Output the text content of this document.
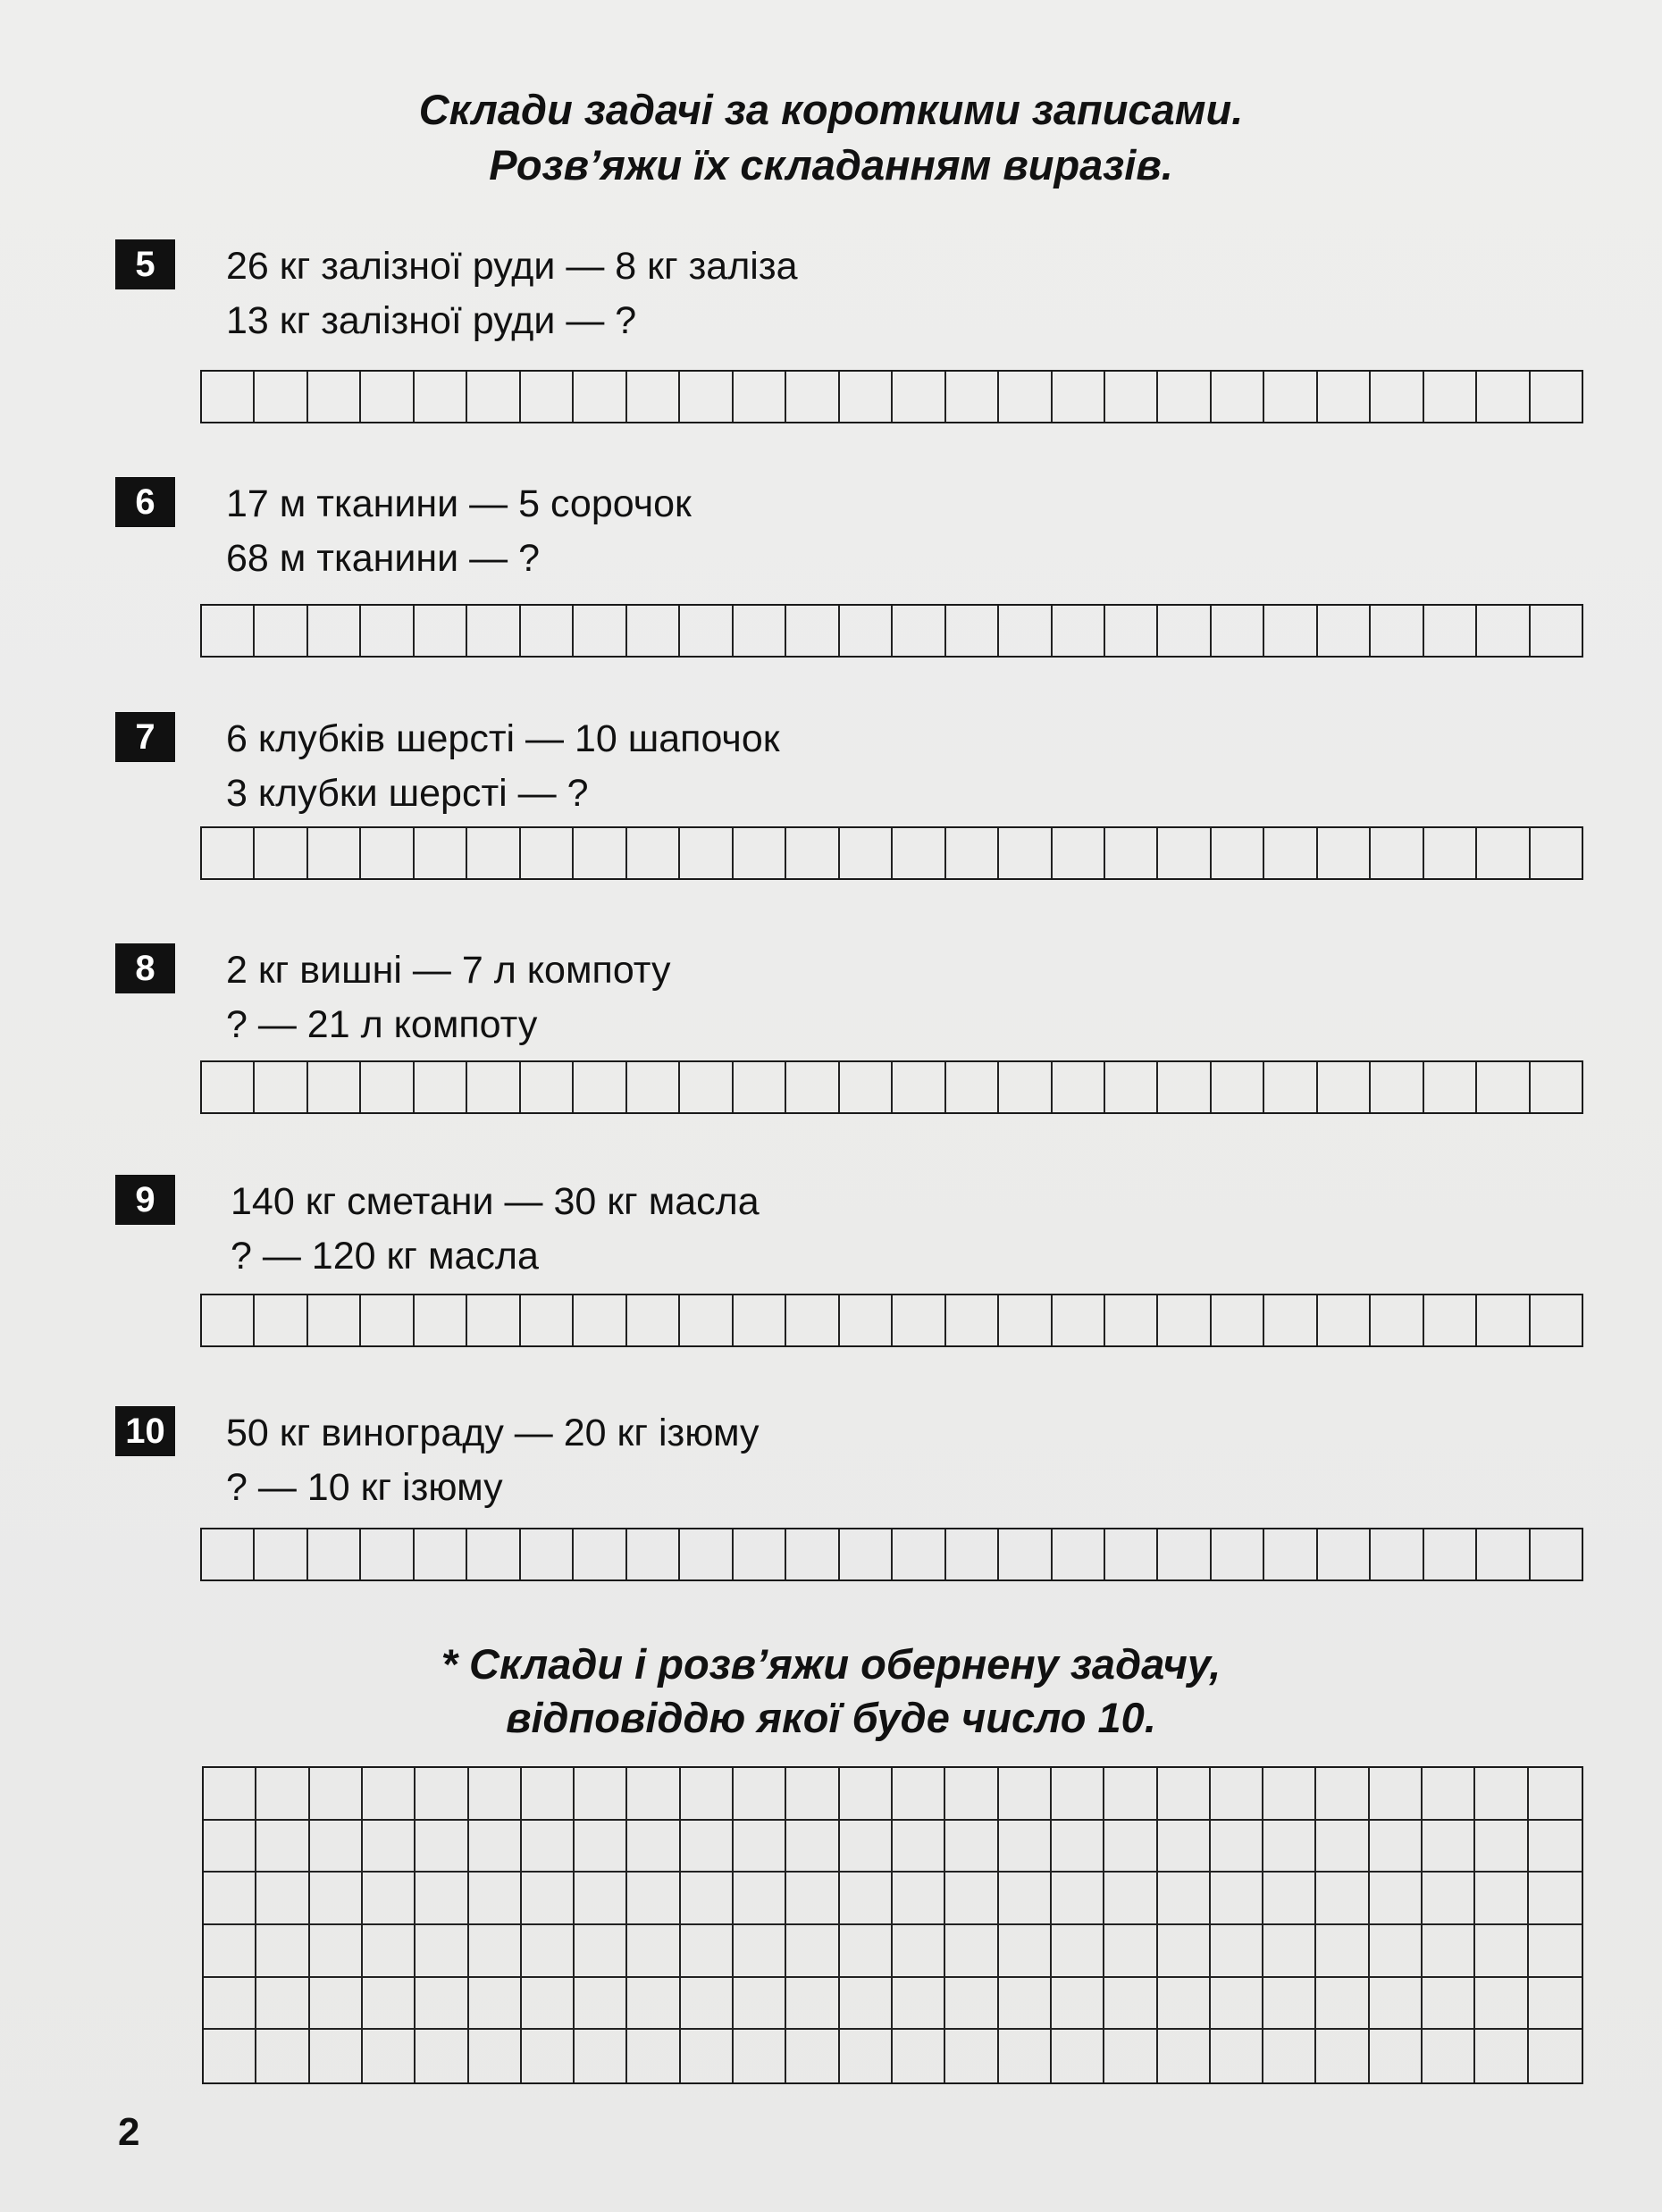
Склади задачі за короткими записами.
Розв’яжи їх складанням виразів.
5	26 кг залізної руди — 8 кг заліза
13 кг залізної руди — ?
6	17 м тканини — 5 сорочок
68 м тканини — ?
7	6 клубків шерсті — 10 шапочок
3 клубки шерсті — ?
8	2 кг вишні — 7 л компоту
? — 21 л компоту
9	140 кг сметани — 30 кг масла
? — 120 кг масла
10 50 кг винограду — 20 кг ізюму
? — 10 кг ізюму
* Склади і розв’яжи обернену задачу,
відповіддю якої буде число 10.
2
